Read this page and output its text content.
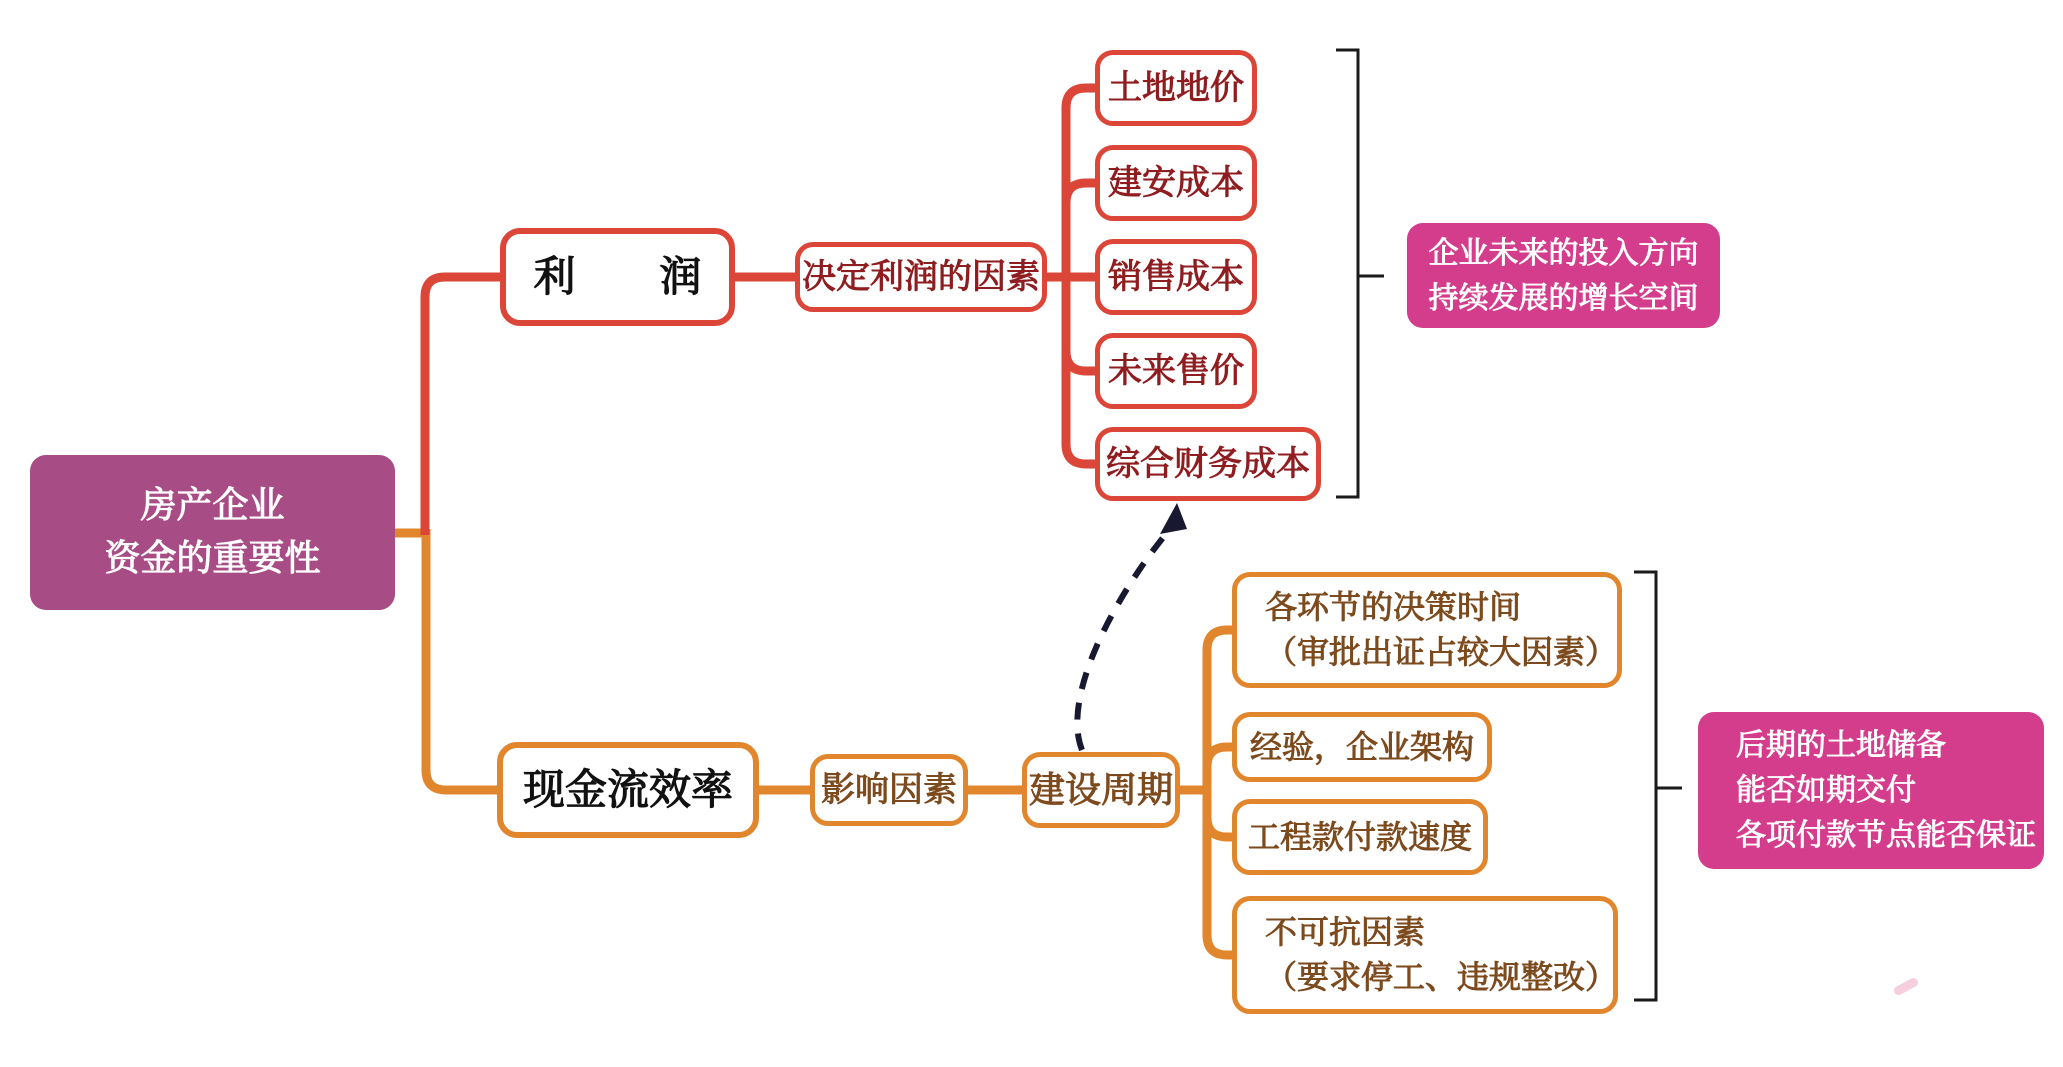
房产企业
资金的重要性
利　　润	决定利润的因素
土地地价
建安成本
销售成本
未来售价
综合财务成本
企业未来的投入方向
持续发展的增长空间
现金流效率	影响因素 建设周期
各环节的决策时间
（审批出证占较大因素）
经验，企业架构
工程款付款速度
不可抗因素
（要求停工、违规整改）
后期的土地储备
能否如期交付
各项付款节点能否保证
